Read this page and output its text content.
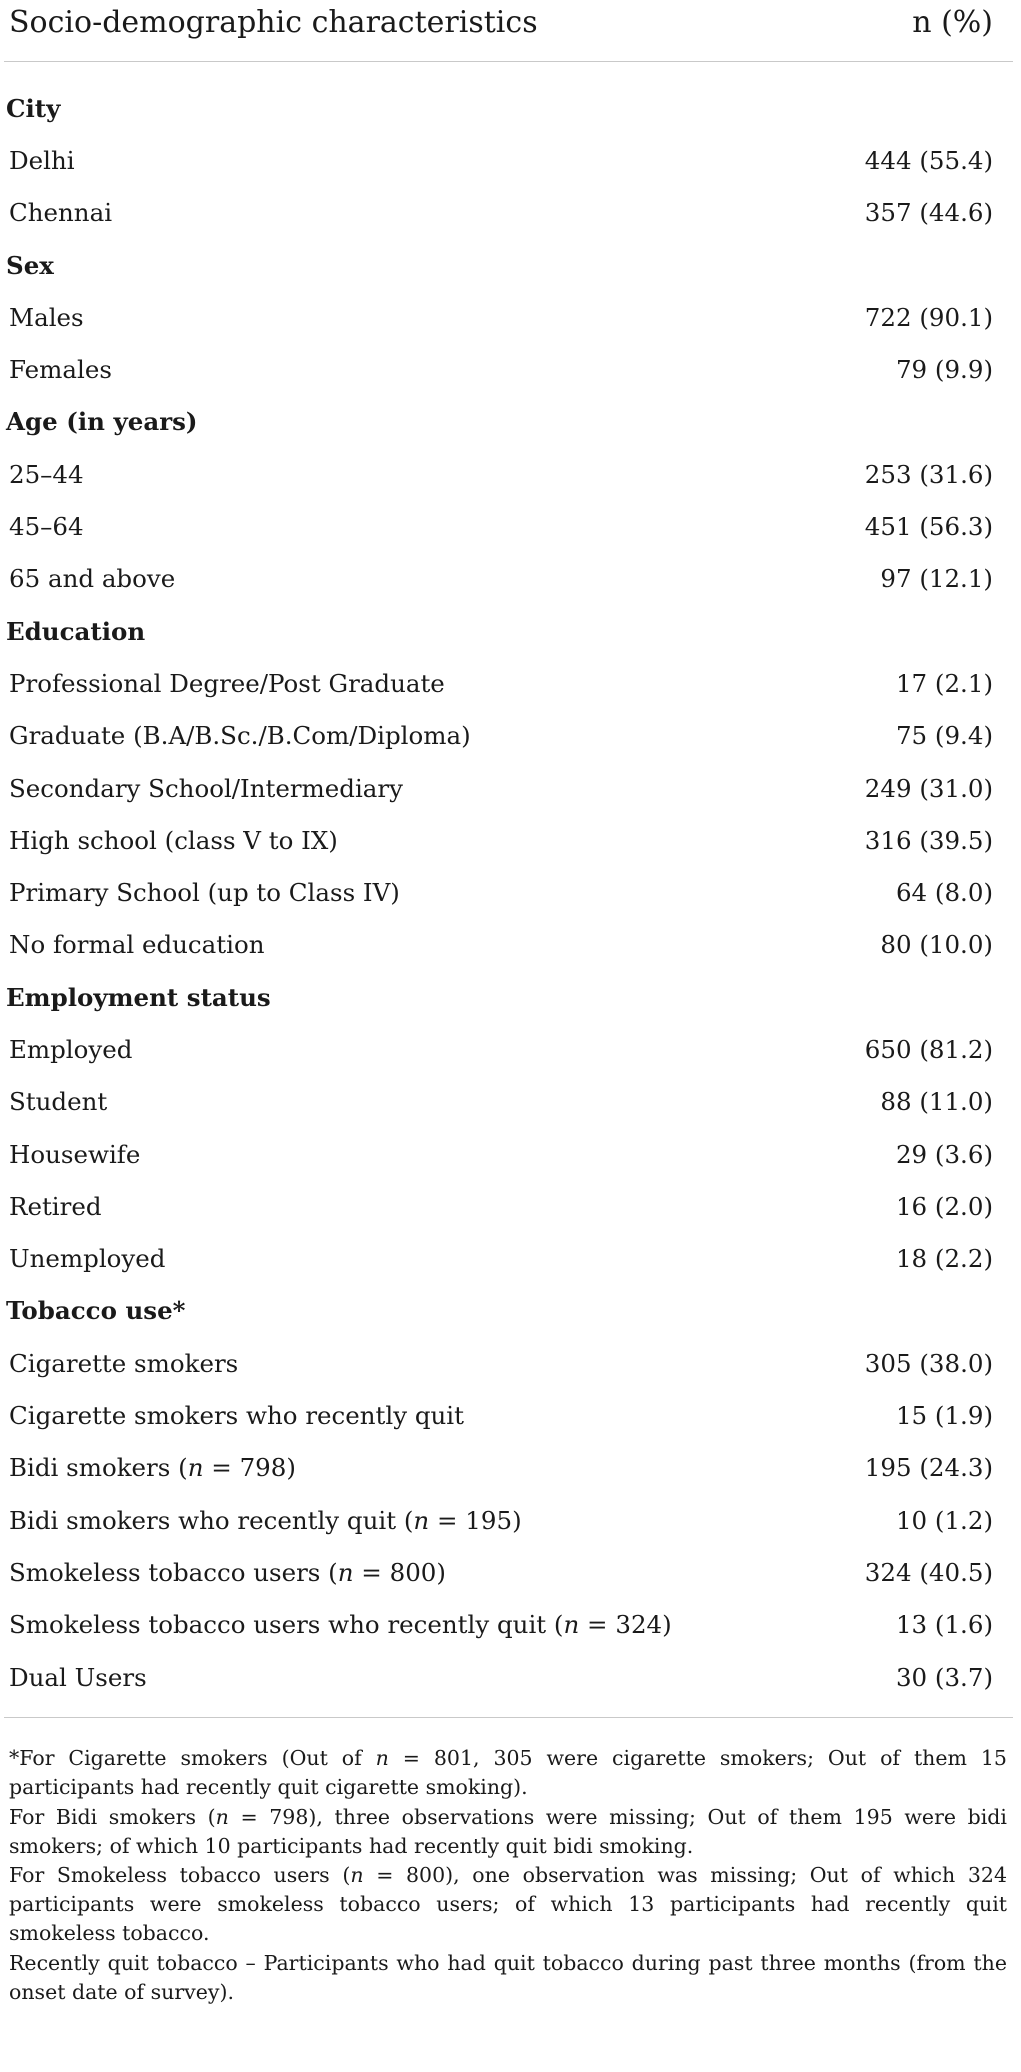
Socio-demographic characteristics	n (%)
City
Delhi	444 (55.4)
Chennai	357 (44.6)
Sex
Males	722 (90.1)
Females	79 (9.9)
Age (in years)
25–44	253 (31.6)
45–64	451 (56.3)
65 and above	97 (12.1)
Education
Professional Degree/Post Graduate	17 (2.1)
Graduate (B.A/B.Sc./B.Com/Diploma)	75 (9.4)
Secondary School/Intermediary	249 (31.0)
High school (class V to IX)	316 (39.5)
Primary School (up to Class IV)	64 (8.0)
No formal education	80 (10.0)
Employment status
Employed	650 (81.2)
Student	88 (11.0)
Housewife	29 (3.6)
Retired	16 (2.0)
Unemployed	18 (2.2)
Tobacco use*
Cigarette smokers	305 (38.0)
Cigarette smokers who recently quit	15 (1.9)
Bidi smokers (n = 798)	195 (24.3)
Bidi smokers who recently quit (n = 195)	10 (1.2)
Smokeless tobacco users (n = 800)	324 (40.5)
Smokeless tobacco users who recently quit (n = 324)	13 (1.6)
Dual Users	30 (3.7)

*For Cigarette smokers (Out of n = 801, 305 were cigarette smokers; Out of them 15 participants had recently quit cigarette smoking).

For Bidi smokers (n = 798), three observations were missing; Out of them 195 were bidi smokers; of which 10 participants had recently quit bidi smoking.

For Smokeless tobacco users (n = 800), one observation was missing; Out of which 324 participants were smokeless tobacco users; of which 13 participants had recently quit smokeless tobacco.

Recently quit tobacco – Participants who had quit tobacco during past three months (from the onset date of survey).
